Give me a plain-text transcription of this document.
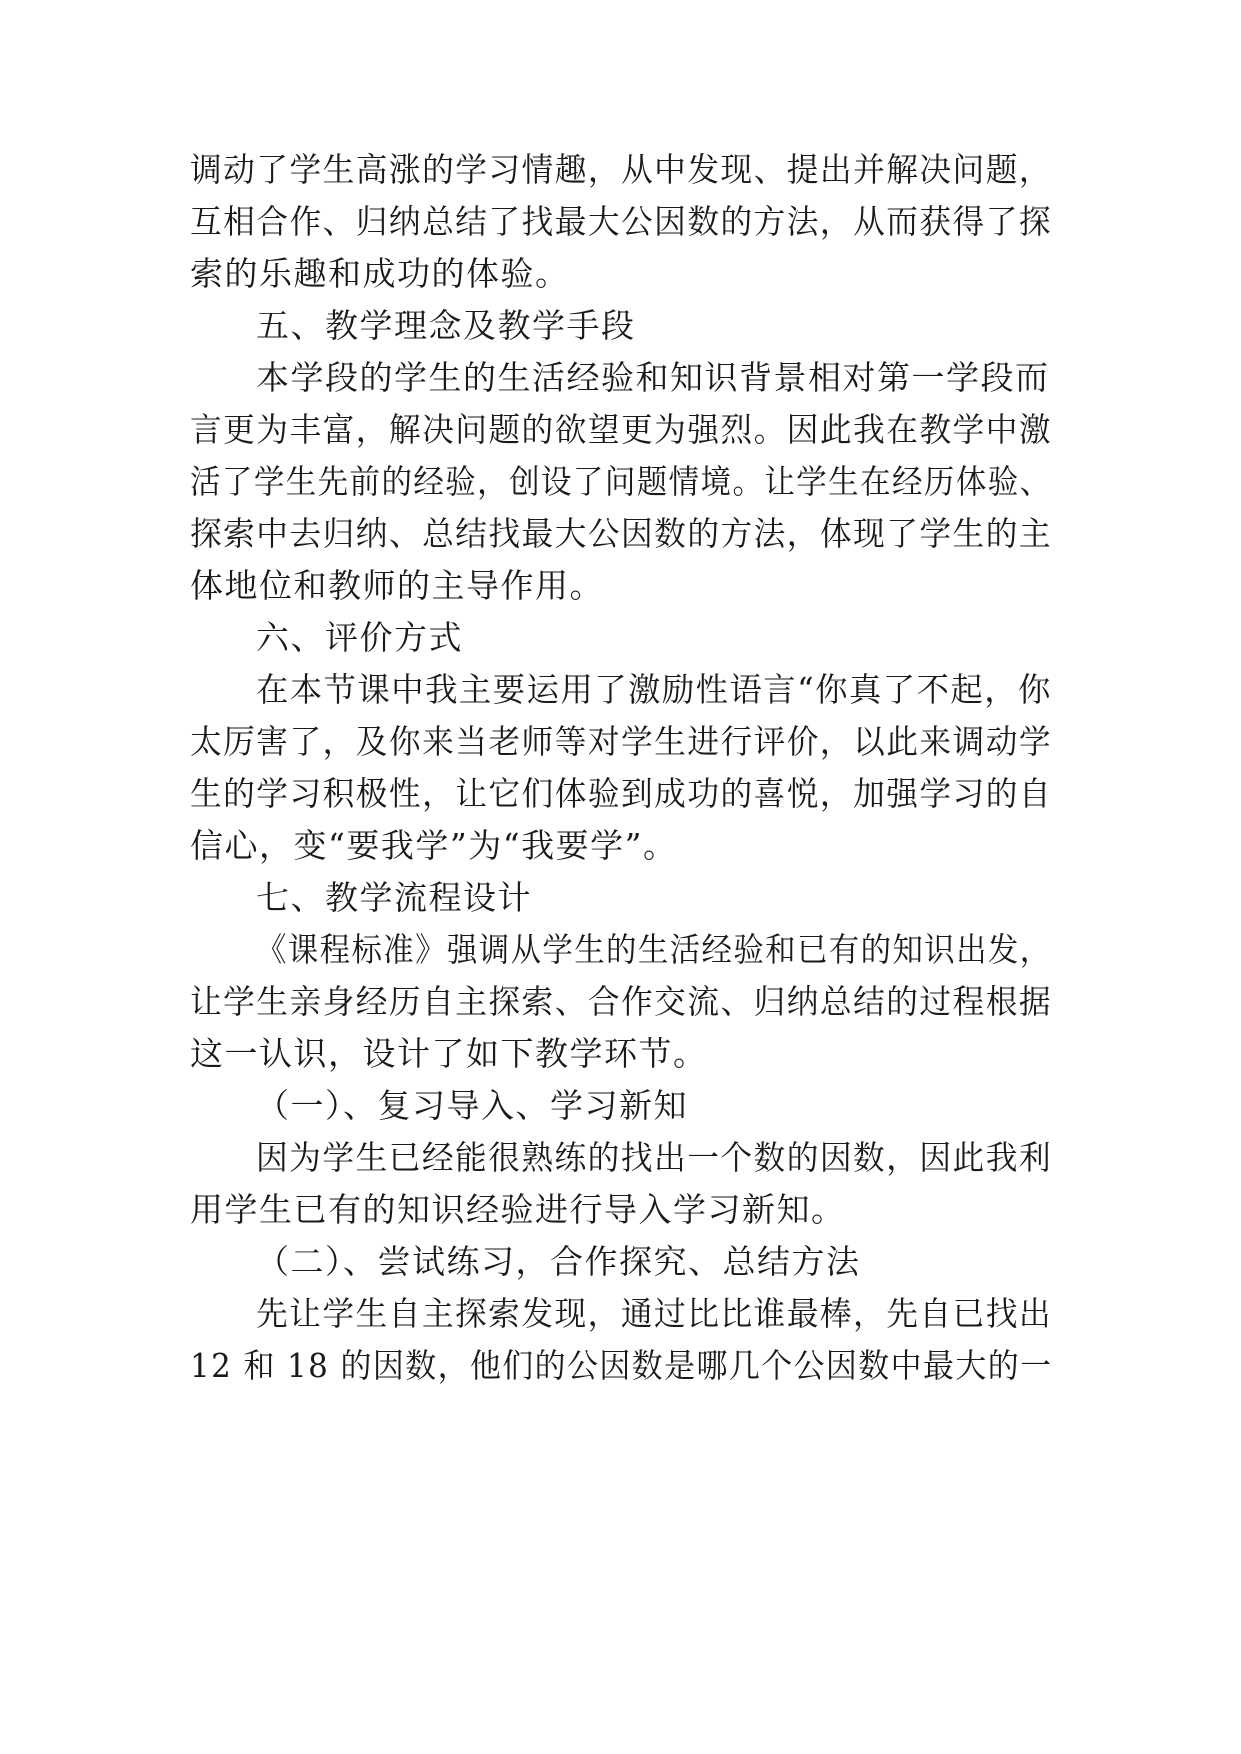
调动了学生高涨的学习情趣，从中发现、提出并解决问题，
互相合作、归纳总结了找最大公因数的方法，从而获得了探
索的乐趣和成功的体验。
五、教学理念及教学手段
本学段的学生的生活经验和知识背景相对第一学段而
言更为丰富，解决问题的欲望更为强烈。因此我在教学中激
活了学生先前的经验，创设了问题情境。让学生在经历体验、
探索中去归纳、总结找最大公因数的方法，体现了学生的主
体地位和教师的主导作用。
六、评价方式
在本节课中我主要运用了激励性语言“你真了不起，你
太厉害了，及你来当老师等对学生进行评价，以此来调动学
生的学习积极性，让它们体验到成功的喜悦，加强学习的自
信心，变“要我学”为“我要学”。
七、教学流程设计
《课程标准》强调从学生的生活经验和已有的知识出发，
让学生亲身经历自主探索、合作交流、归纳总结的过程根据
这一认识，设计了如下教学环节。
（一）、复习导入、学习新知
因为学生已经能很熟练的找出一个数的因数，因此我利
用学生已有的知识经验进行导入学习新知。
（二）、尝试练习，合作探究、总结方法
先让学生自主探索发现，通过比比谁最棒，先自已找出
12 和 18 的因数，他们的公因数是哪几个公因数中最大的一
